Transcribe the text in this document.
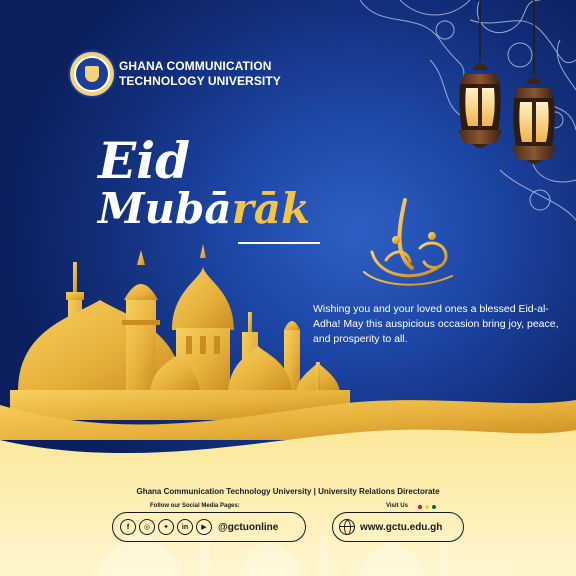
GHANA COMMUNICATION
TECHNOLOGY UNIVERSITY
Eid
Mubārāk
Wishing you and your loved ones a blessed Eid-al-Adha! May this auspicious occasion bring joy, peace, and prosperity to all.
Ghana Communication Technology University | University Relations Directorate
Follow our Social Media Pages:	Visit Us
f	◎	✦	in	▶	@gctuonline	www.gctu.edu.gh
